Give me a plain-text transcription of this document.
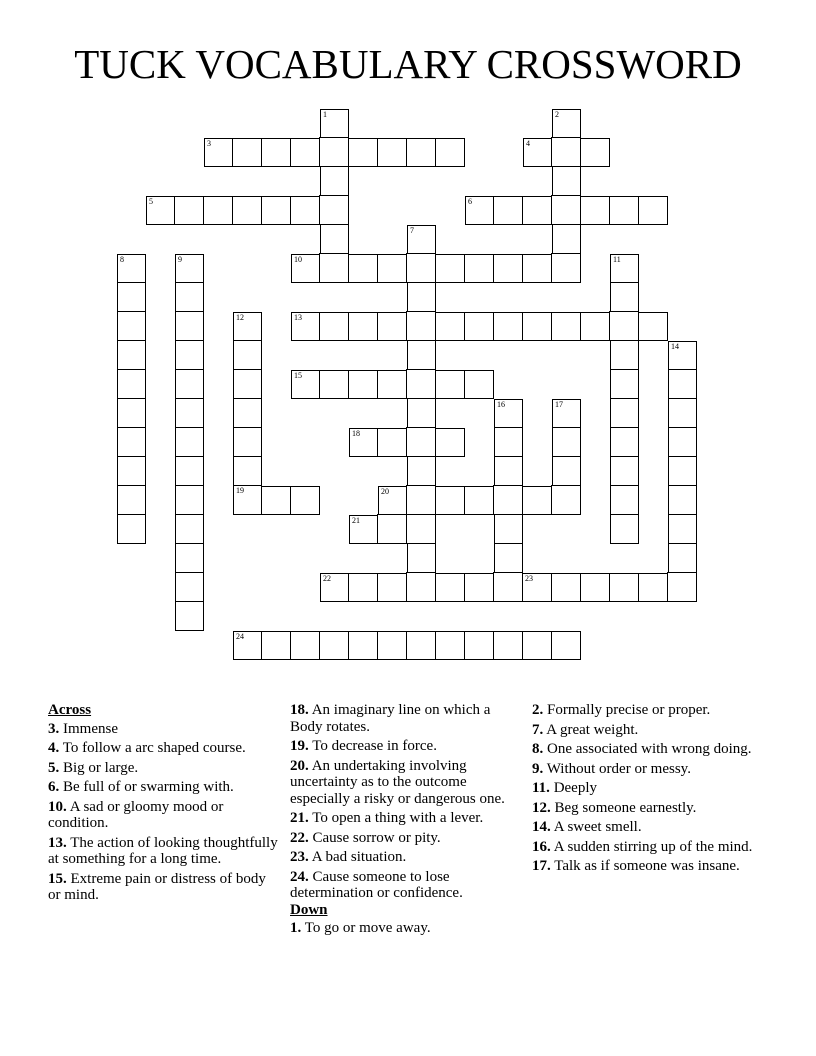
TUCK VOCABULARY CROSSWORD
3	4
5	6
10
13
15
18
19	20
21
22	23
24
1	2
7
8	9	11
12
14
16	17
Across
3. Immense
4. To follow a arc shaped course.
5. Big or large.
6. Be full of or swarming with.
10. A sad or gloomy mood or condition.
13. The action of looking thoughtfully at something for a long time.
15. Extreme pain or distress of body or mind.
18. An imaginary line on which a Body rotates.
19. To decrease in force.
20. An undertaking involving uncertainty as to the outcome especially a risky or dangerous one.
21. To open a thing with a lever.
22. Cause sorrow or pity.
23. A bad situation.
24. Cause someone to lose determination or confidence.
Down
1. To go or move away.
2. Formally precise or proper.
7. A great weight.
8. One associated with wrong doing.
9. Without order or messy.
11. Deeply
12. Beg someone earnestly.
14. A sweet smell.
16. A sudden stirring up of the mind.
17. Talk as if someone was insane.
